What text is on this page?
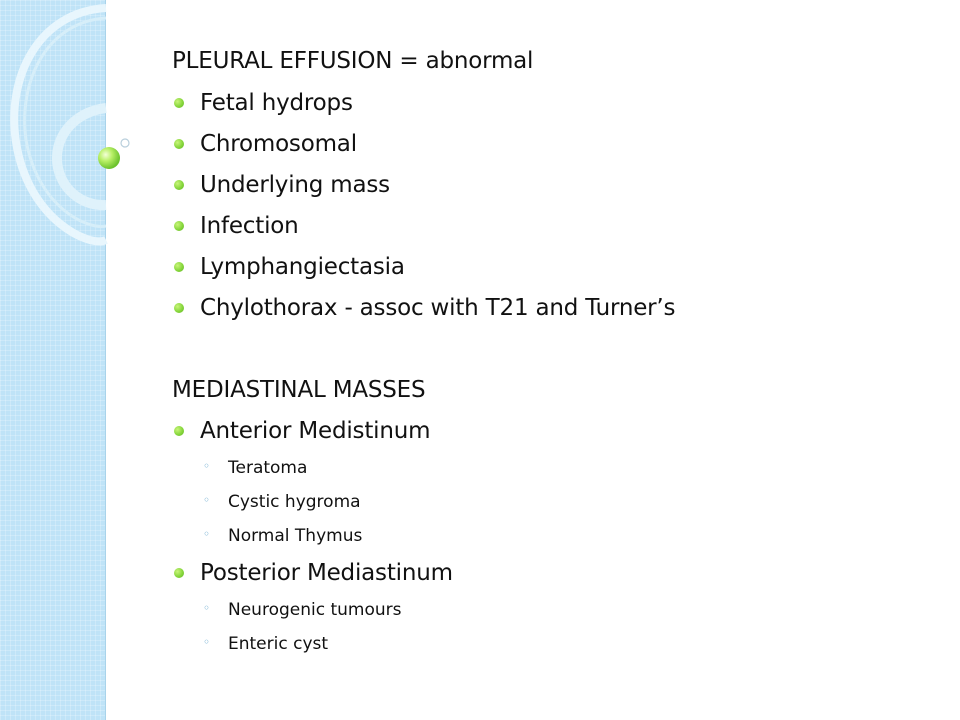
PLEURAL EFFUSION = abnormal

Fetal hydrops
Chromosomal
Underlying mass
Infection
Lymphangiectasia
Chylothorax - assoc with T21 and Turner’s

MEDIASTINAL MASSES

Anterior Medistinum
◦ Teratoma
◦ Cystic hygroma
◦ Normal Thymus
Posterior Mediastinum
◦ Neurogenic tumours
◦ Enteric cyst
